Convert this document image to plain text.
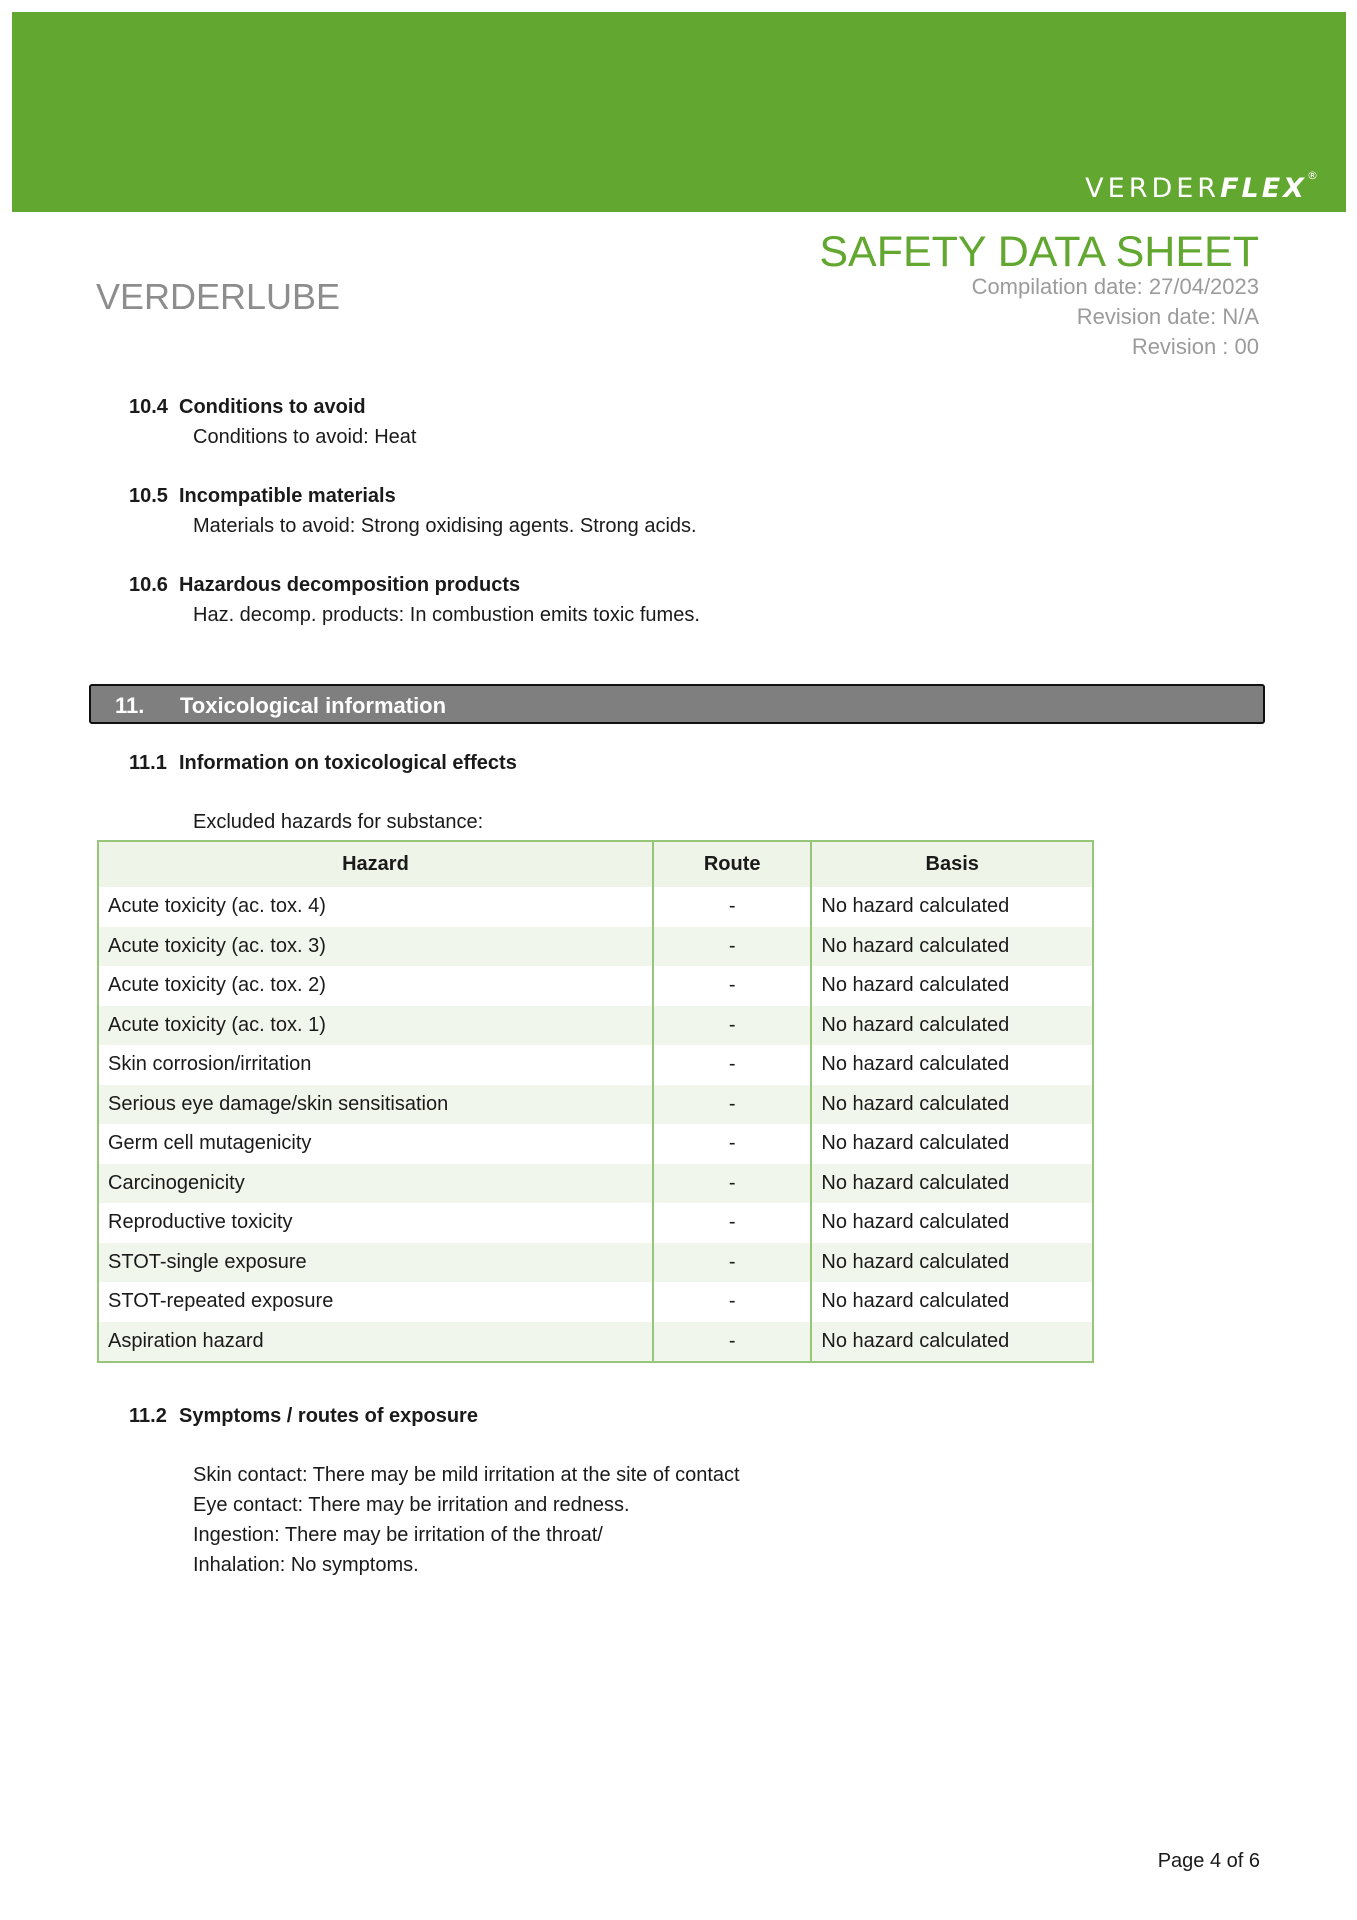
VERDERFLEX®
SAFETY DATA SHEET
VERDERLUBE	Compilation date: 27/04/2023
Revision date: N/A
Revision : 00
10.4 Conditions to avoid
Conditions to avoid: Heat
10.5 Incompatible materials
Materials to avoid: Strong oxidising agents. Strong acids.
10.6 Hazardous decomposition products
Haz. decomp. products: In combustion emits toxic fumes.
11. Toxicological information
11.1 Information on toxicological effects
Excluded hazards for substance:
Hazard	Route	Basis
Acute toxicity (ac. tox. 4)	-	No hazard calculated
Acute toxicity (ac. tox. 3)	-	No hazard calculated
Acute toxicity (ac. tox. 2)	-	No hazard calculated
Acute toxicity (ac. tox. 1)	-	No hazard calculated
Skin corrosion/irritation	-	No hazard calculated
Serious eye damage/skin sensitisation	-	No hazard calculated
Germ cell mutagenicity	-	No hazard calculated
Carcinogenicity	-	No hazard calculated
Reproductive toxicity	-	No hazard calculated
STOT-single exposure	-	No hazard calculated
STOT-repeated exposure	-	No hazard calculated
Aspiration hazard	-	No hazard calculated
11.2 Symptoms / routes of exposure
Skin contact: There may be mild irritation at the site of contact
Eye contact: There may be irritation and redness.
Ingestion: There may be irritation of the throat/
Inhalation: No symptoms.
Page 4 of 6
